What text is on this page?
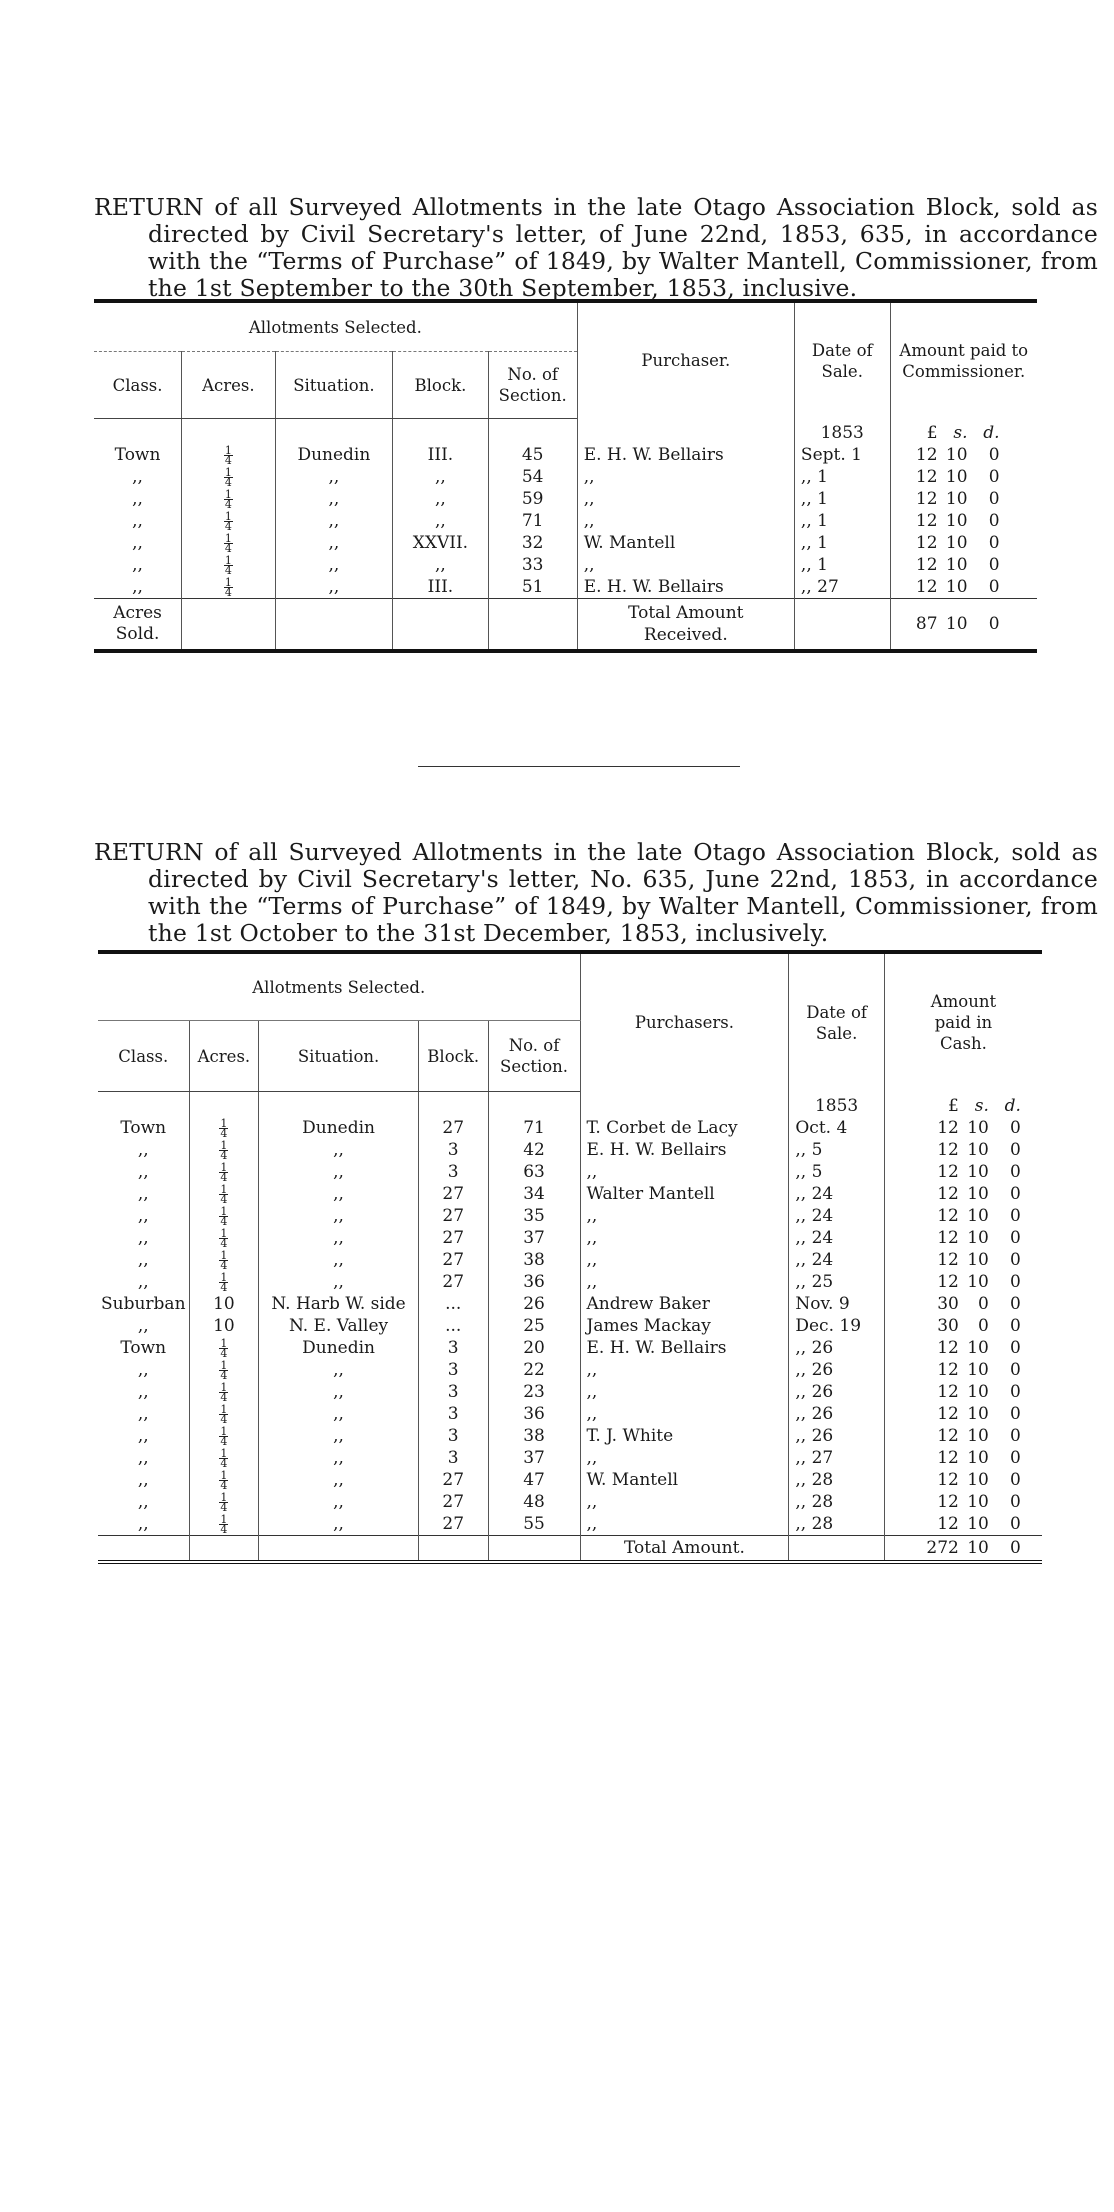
RETURN of all Surveyed Allotments in the late Otago Association Block, sold as directed by Civil Secretary's letter, of June 22nd, 1853, 635, in accordance with the “Terms of Purchase” of 1849, by Walter Mantell, Commissioner, from the 1st September to the 30th September, 1853, inclusive.

Allotments Selected.					Purchaser.	Date of Sale.	Amount paid to Commissioner.
Class.	Acres.	Situation.	Block.	No. of Section.			
						1853	£ s. d.
Town	$\frac{1}{4}$	Dunedin	III.	45	E. H. W. Bellairs	Sept. 1	12 10 0
,,	$\frac{1}{4}$	,,	,,	54	,,	,, 1	12 10 0
,,	$\frac{1}{4}$	,,	,,	59	,,	,, 1	12 10 0
,,	$\frac{1}{4}$	,,	,,	71	,,	,, 1	12 10 0
,,	$\frac{1}{4}$	,,	XXVII.	32	W. Mantell	,, 1	12 10 0
,,	$\frac{1}{4}$	,,	,,	33	,,	,, 1	12 10 0
,,	$\frac{1}{4}$	,,	III.	51	E. H. W. Bellairs	,, 27	12 10 0
Acres Sold.					Total Amount Received.		87 10 0

RETURN of all Surveyed Allotments in the late Otago Association Block, sold as directed by Civil Secretary's letter, No. 635, June 22nd, 1853, in accordance with the “Terms of Purchase” of 1849, by Walter Mantell, Commissioner, from the 1st October to the 31st December, 1853, inclusively.

Allotments Selected.					Purchasers.	Date of Sale.	Amount paid in Cash.
Class.	Acres.	Situation.	Block.	No. of Section.			
						1853	£ s. d.
Town	$\frac{1}{4}$	Dunedin	27	71	T. Corbet de Lacy	Oct. 4	12 10 0
,,	$\frac{1}{4}$	,,	3	42	E. H. W. Bellairs	,, 5	12 10 0
,,	$\frac{1}{4}$	,,	3	63	,,	,, 5	12 10 0
,,	$\frac{1}{4}$	,,	27	34	Walter Mantell	,, 24	12 10 0
,,	$\frac{1}{4}$	,,	27	35	,,	,, 24	12 10 0
,,	$\frac{1}{4}$	,,	27	37	,,	,, 24	12 10 0
,,	$\frac{1}{4}$	,,	27	38	,,	,, 24	12 10 0
,,	$\frac{1}{4}$	,,	27	36	,,	,, 25	12 10 0
Suburban	10	N. Harb W. side	...	26	Andrew Baker	Nov. 9	30 0 0
,,	10	N. E. Valley	...	25	James Mackay	Dec. 19	30 0 0
Town	$\frac{1}{4}$	Dunedin	3	20	E. H. W. Bellairs	,, 26	12 10 0
,,	$\frac{1}{4}$	,,	3	22	,,	,, 26	12 10 0
,,	$\frac{1}{4}$	,,	3	23	,,	,, 26	12 10 0
,,	$\frac{1}{4}$	,,	3	36	,,	,, 26	12 10 0
,,	$\frac{1}{4}$	,,	3	38	T. J. White	,, 26	12 10 0
,,	$\frac{1}{4}$	,,	3	37	,,	,, 27	12 10 0
,,	$\frac{1}{4}$	,,	27	47	W. Mantell	,, 28	12 10 0
,,	$\frac{1}{4}$	,,	27	48	,,	,, 28	12 10 0
,,	$\frac{1}{4}$	,,	27	55	,,	,, 28	12 10 0
					Total Amount.		272 10 0
